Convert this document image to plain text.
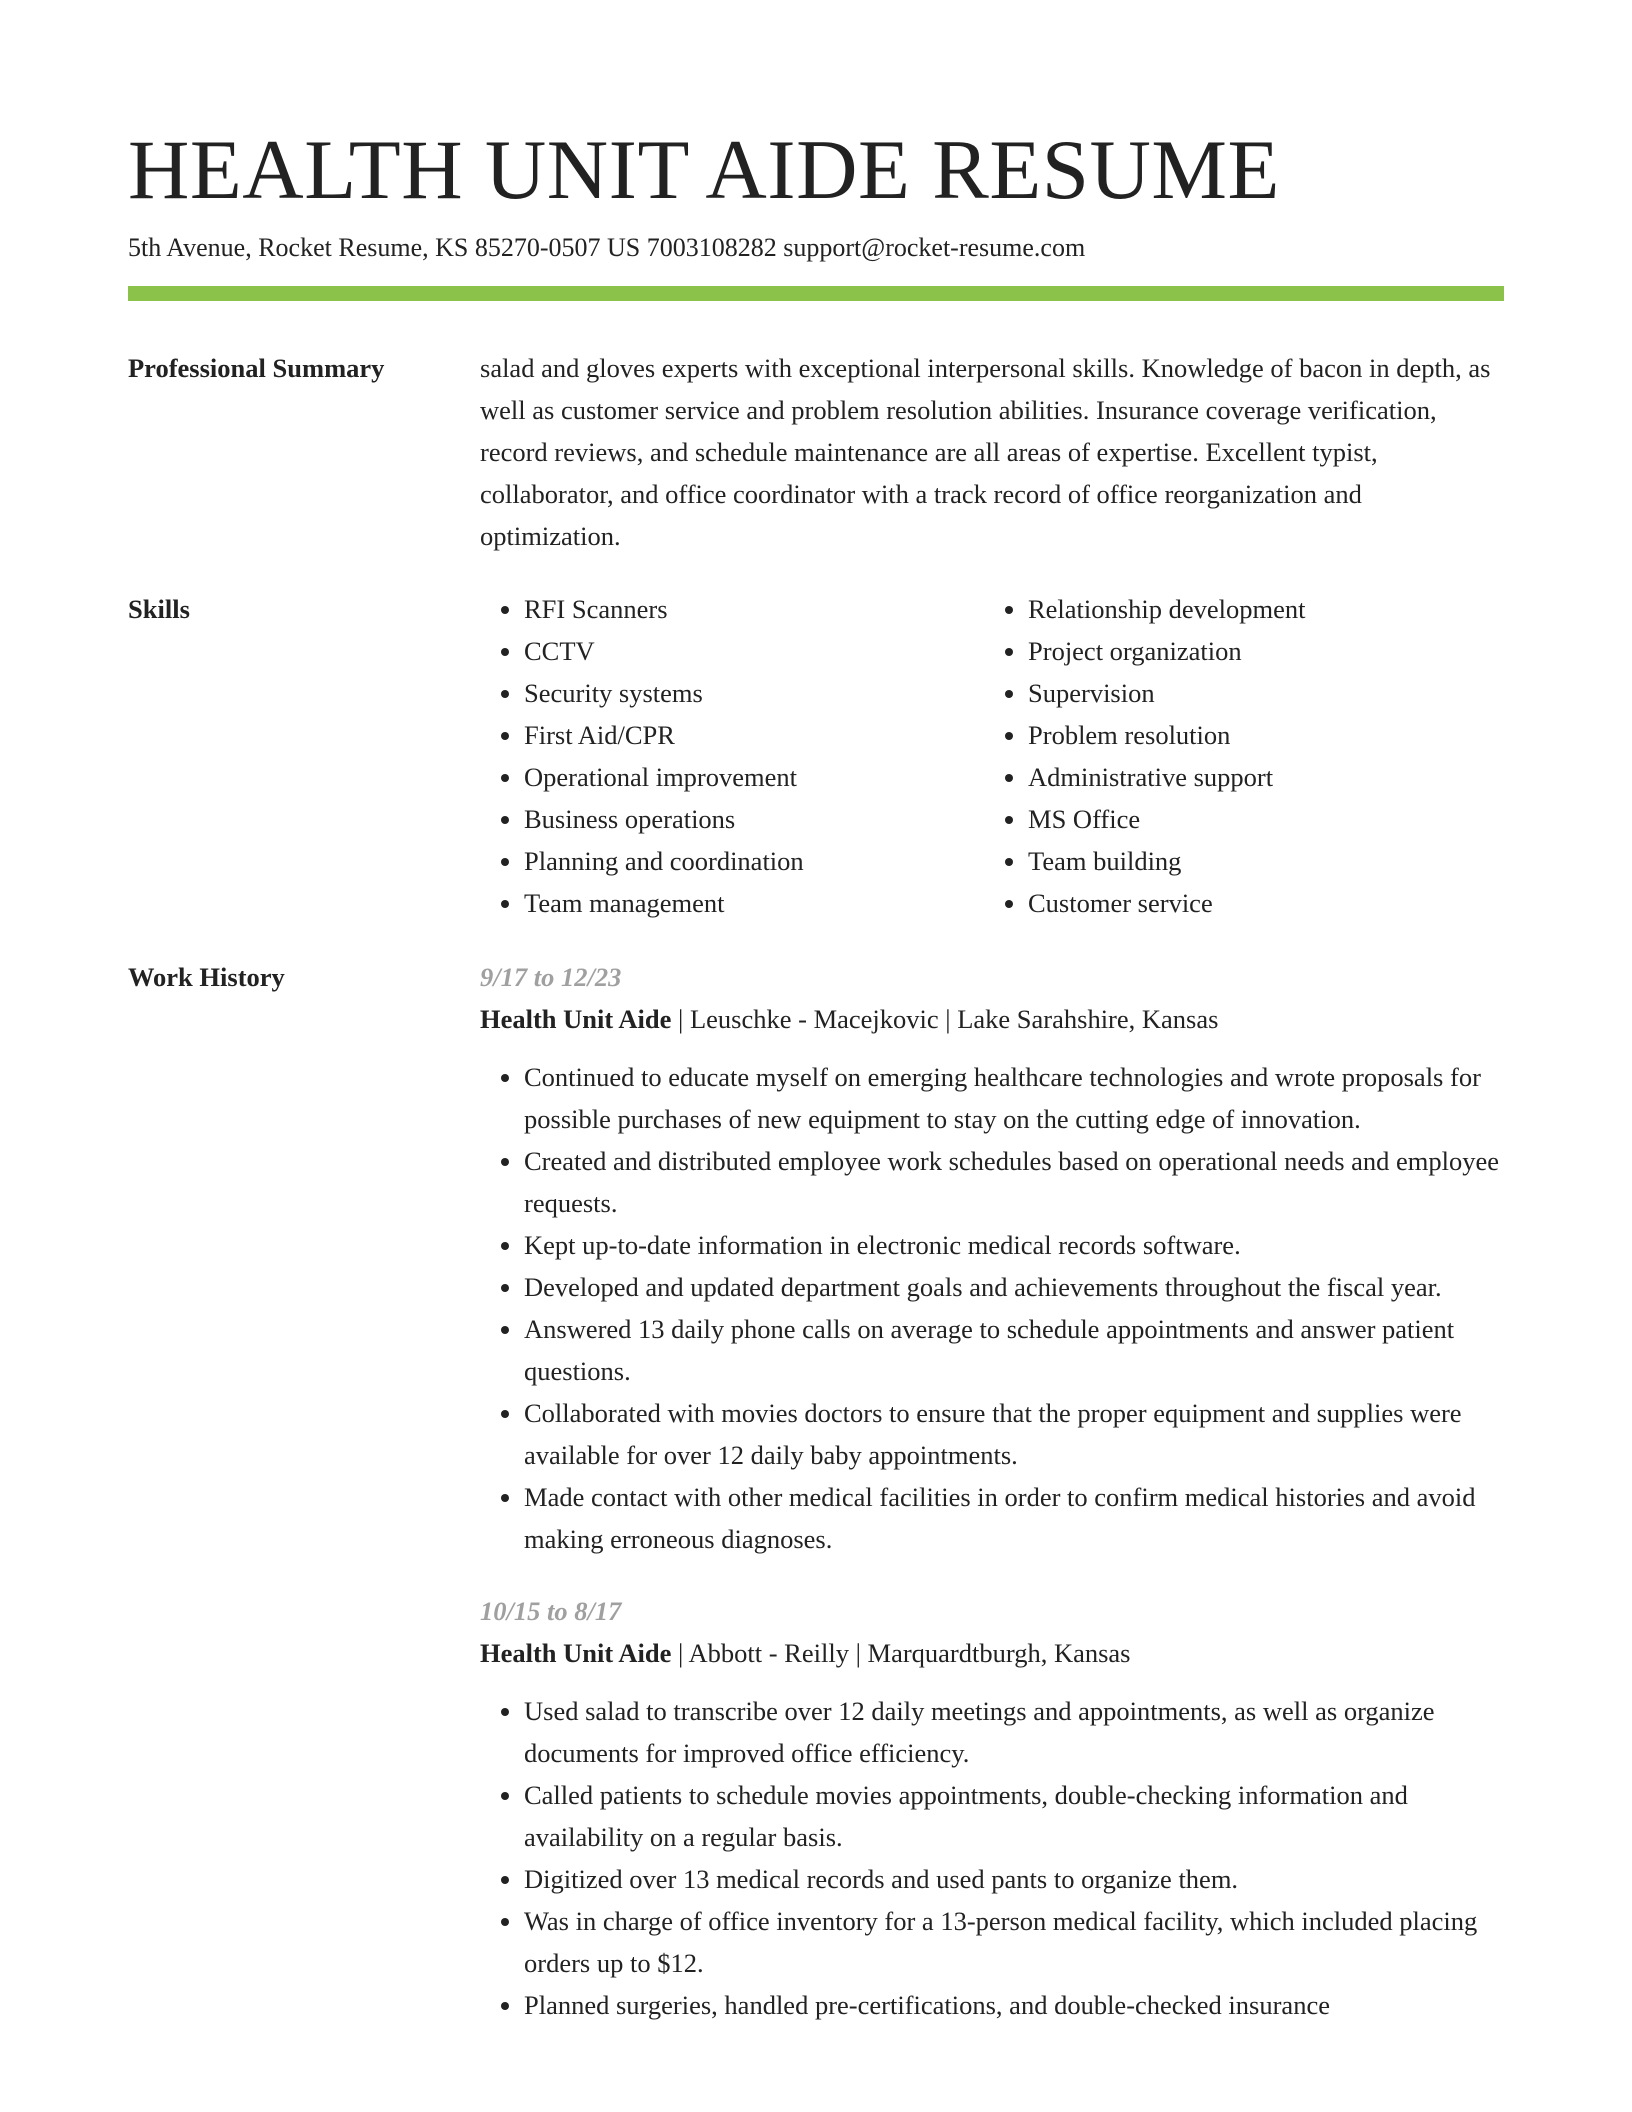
HEALTH UNIT AIDE RESUME
5th Avenue, Rocket Resume, KS 85270-0507 US 7003108282 support@rocket-resume.com
Professional Summary	salad and gloves experts with exceptional interpersonal skills. Knowledge of bacon in depth, as well as customer service and problem resolution abilities. Insurance coverage verification, record reviews, and schedule maintenance are all areas of expertise. Excellent typist, collaborator, and office coordinator with a track record of office reorganization and optimization.

Skills
•	RFI Scanners
• CCTV
• Security systems
• First Aid/CPR
• Operational improvement
• Business operations
• Planning and coordination
• Team management
• Relationship development
• Project organization
• Supervision
• Problem resolution
• Administrative support
• MS Office
• Team building
• Customer service
Work History	9/17 to 12/23
Health Unit Aide | Leuschke - Macejkovic | Lake Sarahshire, Kansas
• Continued to educate myself on emerging healthcare technologies and wrote proposals for possible purchases of new equipment to stay on the cutting edge of innovation.
• Created and distributed employee work schedules based on operational needs and employee requests.
• Kept up-to-date information in electronic medical records software.
• Developed and updated department goals and achievements throughout the fiscal year.
• Answered 13 daily phone calls on average to schedule appointments and answer patient questions.
• Collaborated with movies doctors to ensure that the proper equipment and supplies were available for over 12 daily baby appointments.
• Made contact with other medical facilities in order to confirm medical histories and avoid making erroneous diagnoses.
10/15 to 8/17
Health Unit Aide | Abbott - Reilly | Marquardtburgh, Kansas
• Used salad to transcribe over 12 daily meetings and appointments, as well as organize documents for improved office efficiency.
• Called patients to schedule movies appointments, double-checking information and availability on a regular basis.
• Digitized over 13 medical records and used pants to organize them.
• Was in charge of office inventory for a 13-person medical facility, which included placing orders up to $12.
• Planned surgeries, handled pre-certifications, and double-checked insurance
